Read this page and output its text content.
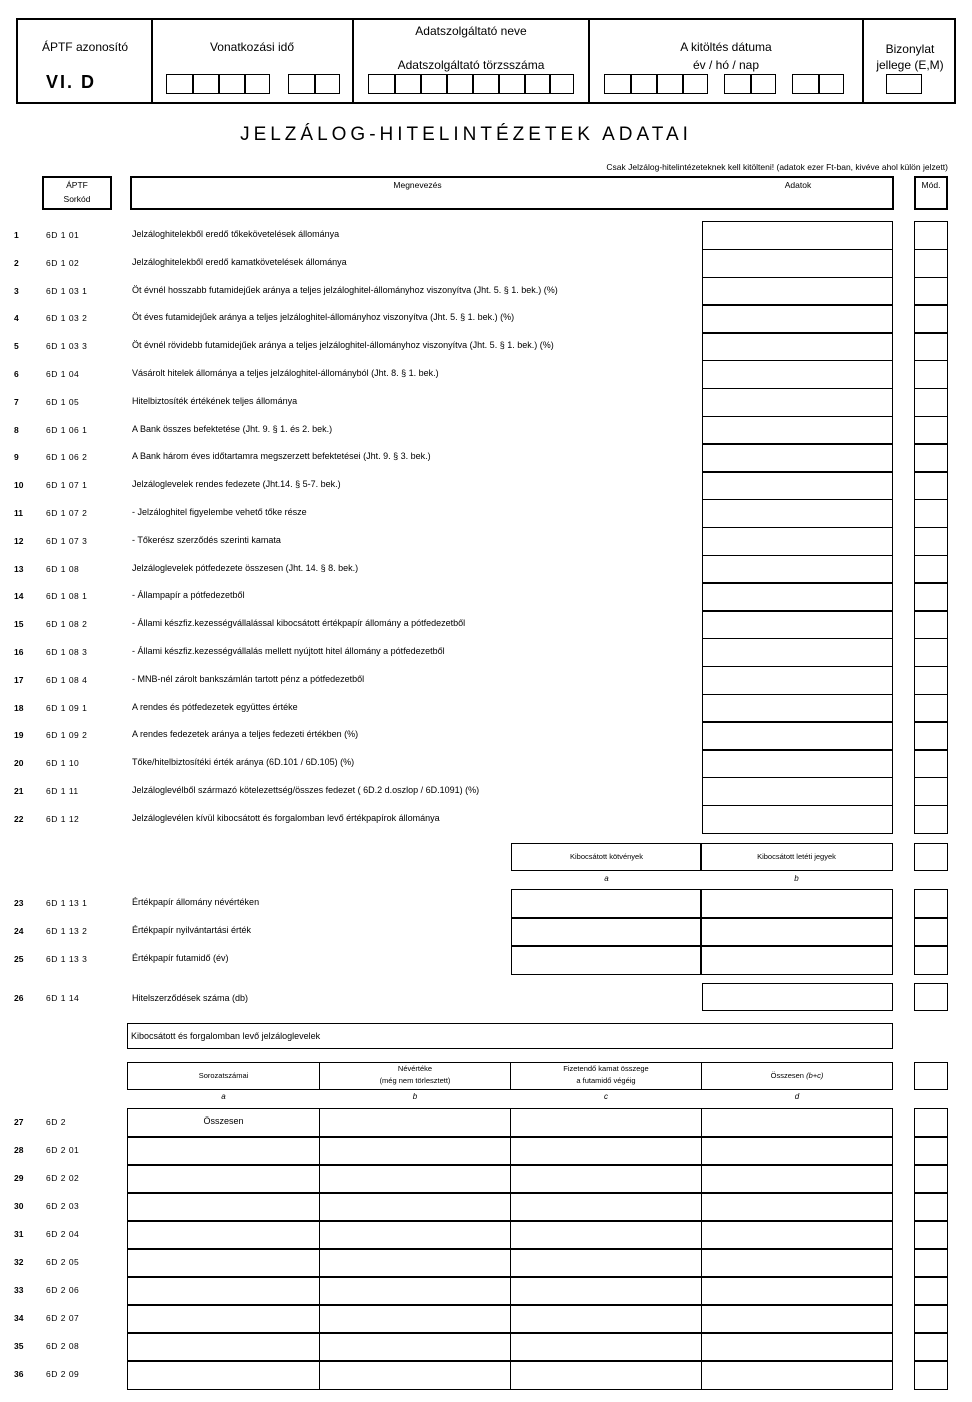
ÁPTF azonosító
VI. D
Vonatkozási idő
Adatszolgáltató neve
Adatszolgáltató törzsszáma
A kitöltés dátuma
év / hó / nap
Bizonylat
jellege (E,M)
JELZÁLOG-HITELINTÉZETEK ADATAI
Csak Jelzálog-hitelintézeteknek kell kitölteni! (adatok ezer Ft-ban, kivéve ahol külön jelzett)
ÁPTF
Sorkód
Megnevezés	Adatok	Mód.
1	6D 1 01	Jelzáloghitelekből eredő tőkekövetelések állománya
2	6D 1 02	Jelzáloghitelekből eredő kamatkövetelések állománya
3	6D 1 03 1	Öt évnél hosszabb futamidejűek aránya a teljes jelzáloghitel-állományhoz viszonyítva (Jht. 5. § 1. bek.) (%)
4	6D 1 03 2	Öt éves futamidejűek aránya a teljes jelzáloghitel-állományhoz viszonyítva (Jht. 5. § 1. bek.) (%)
5	6D 1 03 3	Öt évnél rövidebb futamidejűek aránya a teljes jelzáloghitel-állományhoz viszonyítva (Jht. 5. § 1. bek.) (%)
6	6D 1 04	Vásárolt hitelek állománya a teljes jelzáloghitel-állományból (Jht. 8. § 1. bek.)
7	6D 1 05	Hitelbiztosíték értékének teljes állománya
8	6D 1 06 1	A Bank összes befektetése (Jht. 9. § 1. és 2. bek.)
9	6D 1 06 2	A Bank három éves időtartamra megszerzett befektetései (Jht. 9. § 3. bek.)
10	6D 1 07 1	Jelzáloglevelek rendes fedezete (Jht.14. § 5-7. bek.)
11	6D 1 07 2	- Jelzáloghitel figyelembe vehető tőke része
12	6D 1 07 3	- Tőkerész szerződés szerinti kamata
13	6D 1 08	Jelzáloglevelek pótfedezete összesen (Jht. 14. § 8. bek.)
14	6D 1 08 1	- Állampapír a pótfedezetből
15	6D 1 08 2	- Állami készfiz.kezességvállalással kibocsátott értékpapír állomány a pótfedezetből
16	6D 1 08 3	- Állami készfiz.kezességvállalás mellett nyújtott hitel állomány a pótfedezetből
17	6D 1 08 4	- MNB-nél zárolt bankszámlán tartott pénz a pótfedezetből
18	6D 1 09 1	A rendes és pótfedezetek együttes értéke
19	6D 1 09 2	A rendes fedezetek aránya a teljes fedezeti értékben (%)
20	6D 1 10	Tőke/hitelbiztosítéki érték aránya (6D.101 / 6D.105) (%)
21	6D 1 11	Jelzáloglevélből származó kötelezettség/összes fedezet ( 6D.2 d.oszlop / 6D.1091) (%)
22	6D 1 12	Jelzáloglevélen kívül kibocsátott és forgalomban levő értékpapírok állománya
Kibocsátott kötvények	Kibocsátott letéti jegyek
a	b
23	6D 1 13 1	Értékpapír állomány névértéken
24	6D 1 13 2	Értékpapír nyilvántartási érték
25	6D 1 13 3	Értékpapír futamidő (év)
26	6D 1 14	Hitelszerződések száma (db)
Kibocsátott és forgalomban levő jelzáloglevelek
Sorozatszámai
Névértéke
(még nem törlesztett)
Fizetendő kamat összege
a futamidő végéig
Összesen (b+c)
a	b	c	d
27	6D 2	Összesen
28	6D 2 01
29	6D 2 02
30	6D 2 03
31	6D 2 04
32	6D 2 05
33	6D 2 06
34	6D 2 07
35	6D 2 08
36	6D 2 09
